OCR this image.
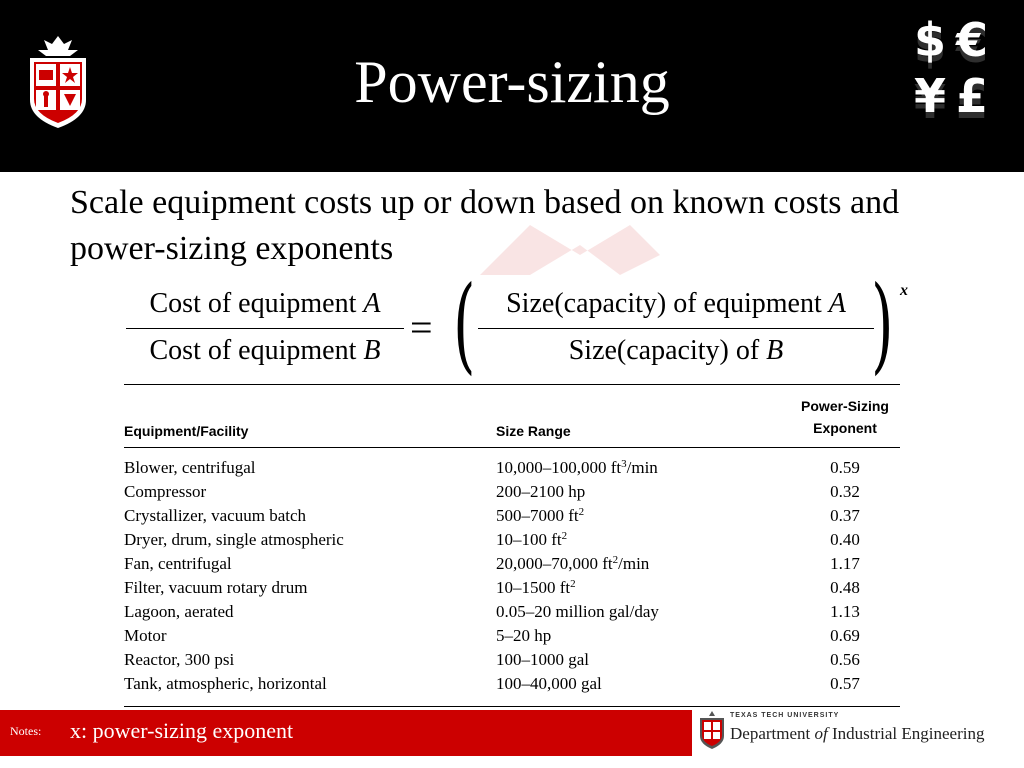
Power-sizing
$ €
¥ £
Scale equipment costs up or down based on known costs and power-sizing exponents
Cost of equipment A
Cost of equipment B
= (	Size(capacity) of equipment A
Size(capacity) of B ) x
Equipment/Facility	Size Range
Power-Sizing
Exponent
Blower, centrifugal	10,000–100,000 $ft^3/\min$	0.59
Compressor	200–2100 hp	0.32
Crystallizer, vacuum batch	500–7000 $ft^2$	0.37
Dryer, drum, single atmospheric	10–100 $ft^2$	0.40
Fan, centrifugal	20,000–70,000 $ft^2/\min$	1.17
Filter, vacuum rotary drum	10–1500 $ft^2$	0.48
Lagoon, aerated	0.05–20 million gal/day	1.13
Motor	5–20 hp	0.69
Reactor, 300 psi	100–1000 gal	0.56
Tank, atmospheric, horizontal	100–40,000 gal	0.57
Notes: x: power-sizing exponent
TEXAS TECH UNIVERSITY
Department of Industrial Engineering
